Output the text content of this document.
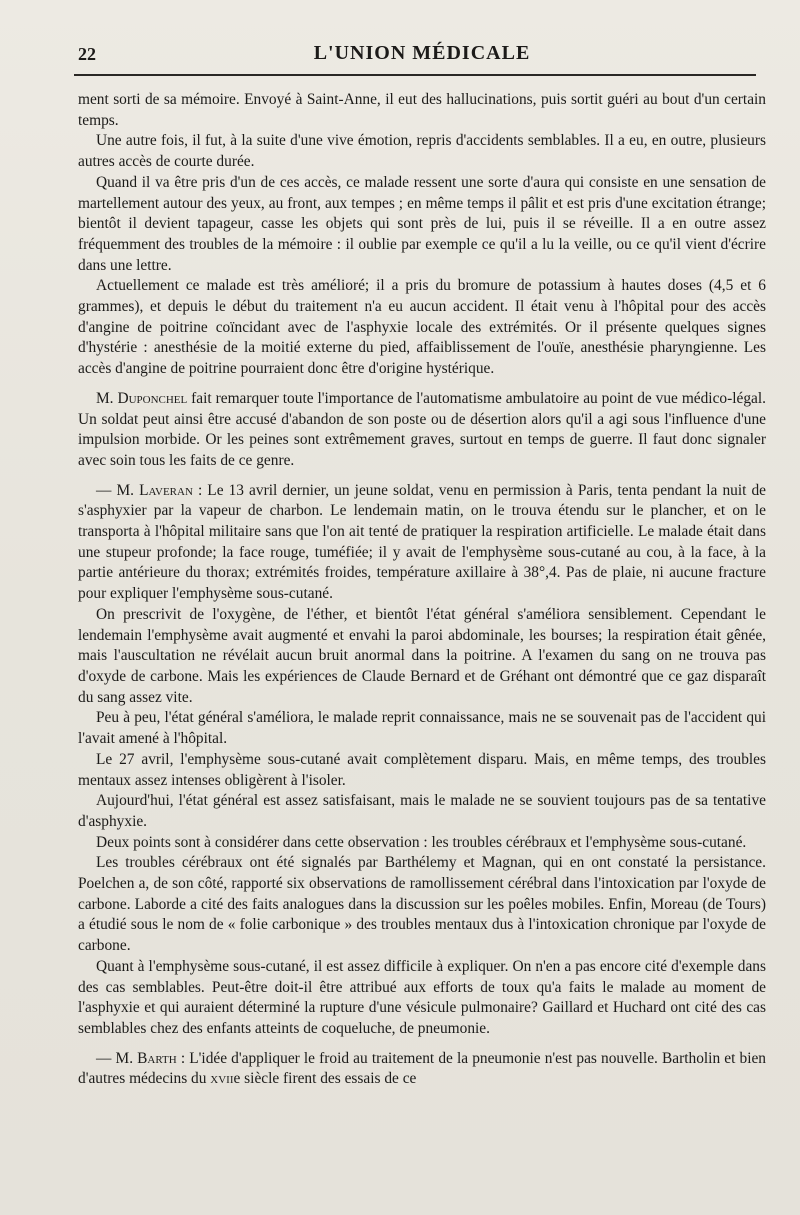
22	L'UNION MÉDICALE

ment sorti de sa mémoire. Envoyé à Saint-Anne, il eut des hallucinations, puis sortit guéri au bout d'un certain temps.

Une autre fois, il fut, à la suite d'une vive émotion, repris d'accidents semblables. Il a eu, en outre, plusieurs autres accès de courte durée.

Quand il va être pris d'un de ces accès, ce malade ressent une sorte d'aura qui consiste en une sensation de martellement autour des yeux, au front, aux tempes ; en même temps il pâlit et est pris d'une excitation étrange; bientôt il devient tapageur, casse les objets qui sont près de lui, puis il se réveille. Il a en outre assez fréquemment des troubles de la mémoire : il oublie par exemple ce qu'il a lu la veille, ou ce qu'il vient d'écrire dans une lettre.

Actuellement ce malade est très amélioré; il a pris du bromure de potassium à hautes doses (4,5 et 6 grammes), et depuis le début du traitement n'a eu aucun accident. Il était venu à l'hôpital pour des accès d'angine de poitrine coïncidant avec de l'asphyxie locale des extrémités. Or il présente quelques signes d'hystérie : anesthésie de la moitié externe du pied, affaiblissement de l'ouïe, anesthésie pharyngienne. Les accès d'angine de poitrine pourraient donc être d'origine hystérique.

M. Duponchel fait remarquer toute l'importance de l'automatisme ambulatoire au point de vue médico-légal. Un soldat peut ainsi être accusé d'abandon de son poste ou de désertion alors qu'il a agi sous l'influence d'une impulsion morbide. Or les peines sont extrêmement graves, surtout en temps de guerre. Il faut donc signaler avec soin tous les faits de ce genre.

— M. Laveran : Le 13 avril dernier, un jeune soldat, venu en permission à Paris, tenta pendant la nuit de s'asphyxier par la vapeur de charbon. Le lendemain matin, on le trouva étendu sur le plancher, et on le transporta à l'hôpital militaire sans que l'on ait tenté de pratiquer la respiration artificielle. Le malade était dans une stupeur profonde; la face rouge, tuméfiée; il y avait de l'emphysème sous-cutané au cou, à la face, à la partie antérieure du thorax; extrémités froides, température axillaire à 38°,4. Pas de plaie, ni aucune fracture pour expliquer l'emphysème sous-cutané.

On prescrivit de l'oxygène, de l'éther, et bientôt l'état général s'améliora sensiblement. Cependant le lendemain l'emphysème avait augmenté et envahi la paroi abdominale, les bourses; la respiration était gênée, mais l'auscultation ne révélait aucun bruit anormal dans la poitrine. A l'examen du sang on ne trouva pas d'oxyde de carbone. Mais les expériences de Claude Bernard et de Gréhant ont démontré que ce gaz disparaît du sang assez vite.

Peu à peu, l'état général s'améliora, le malade reprit connaissance, mais ne se souvenait pas de l'accident qui l'avait amené à l'hôpital.

Le 27 avril, l'emphysème sous-cutané avait complètement disparu. Mais, en même temps, des troubles mentaux assez intenses obligèrent à l'isoler.

Aujourd'hui, l'état général est assez satisfaisant, mais le malade ne se souvient toujours pas de sa tentative d'asphyxie.

Deux points sont à considérer dans cette observation : les troubles cérébraux et l'emphysème sous-cutané.

Les troubles cérébraux ont été signalés par Barthélemy et Magnan, qui en ont constaté la persistance. Poelchen a, de son côté, rapporté six observations de ramollissement cérébral dans l'intoxication par l'oxyde de carbone. Laborde a cité des faits analogues dans la discussion sur les poêles mobiles. Enfin, Moreau (de Tours) a étudié sous le nom de « folie carbonique » des troubles mentaux dus à l'intoxication chronique par l'oxyde de carbone.

Quant à l'emphysème sous-cutané, il est assez difficile à expliquer. On n'en a pas encore cité d'exemple dans des cas semblables. Peut-être doit-il être attribué aux efforts de toux qu'a faits le malade au moment de l'asphyxie et qui auraient déterminé la rupture d'une vésicule pulmonaire? Gaillard et Huchard ont cité des cas semblables chez des enfants atteints de coqueluche, de pneumonie.

— M. Barth : L'idée d'appliquer le froid au traitement de la pneumonie n'est pas nouvelle. Bartholin et bien d'autres médecins du xviie siècle firent des essais de ce
